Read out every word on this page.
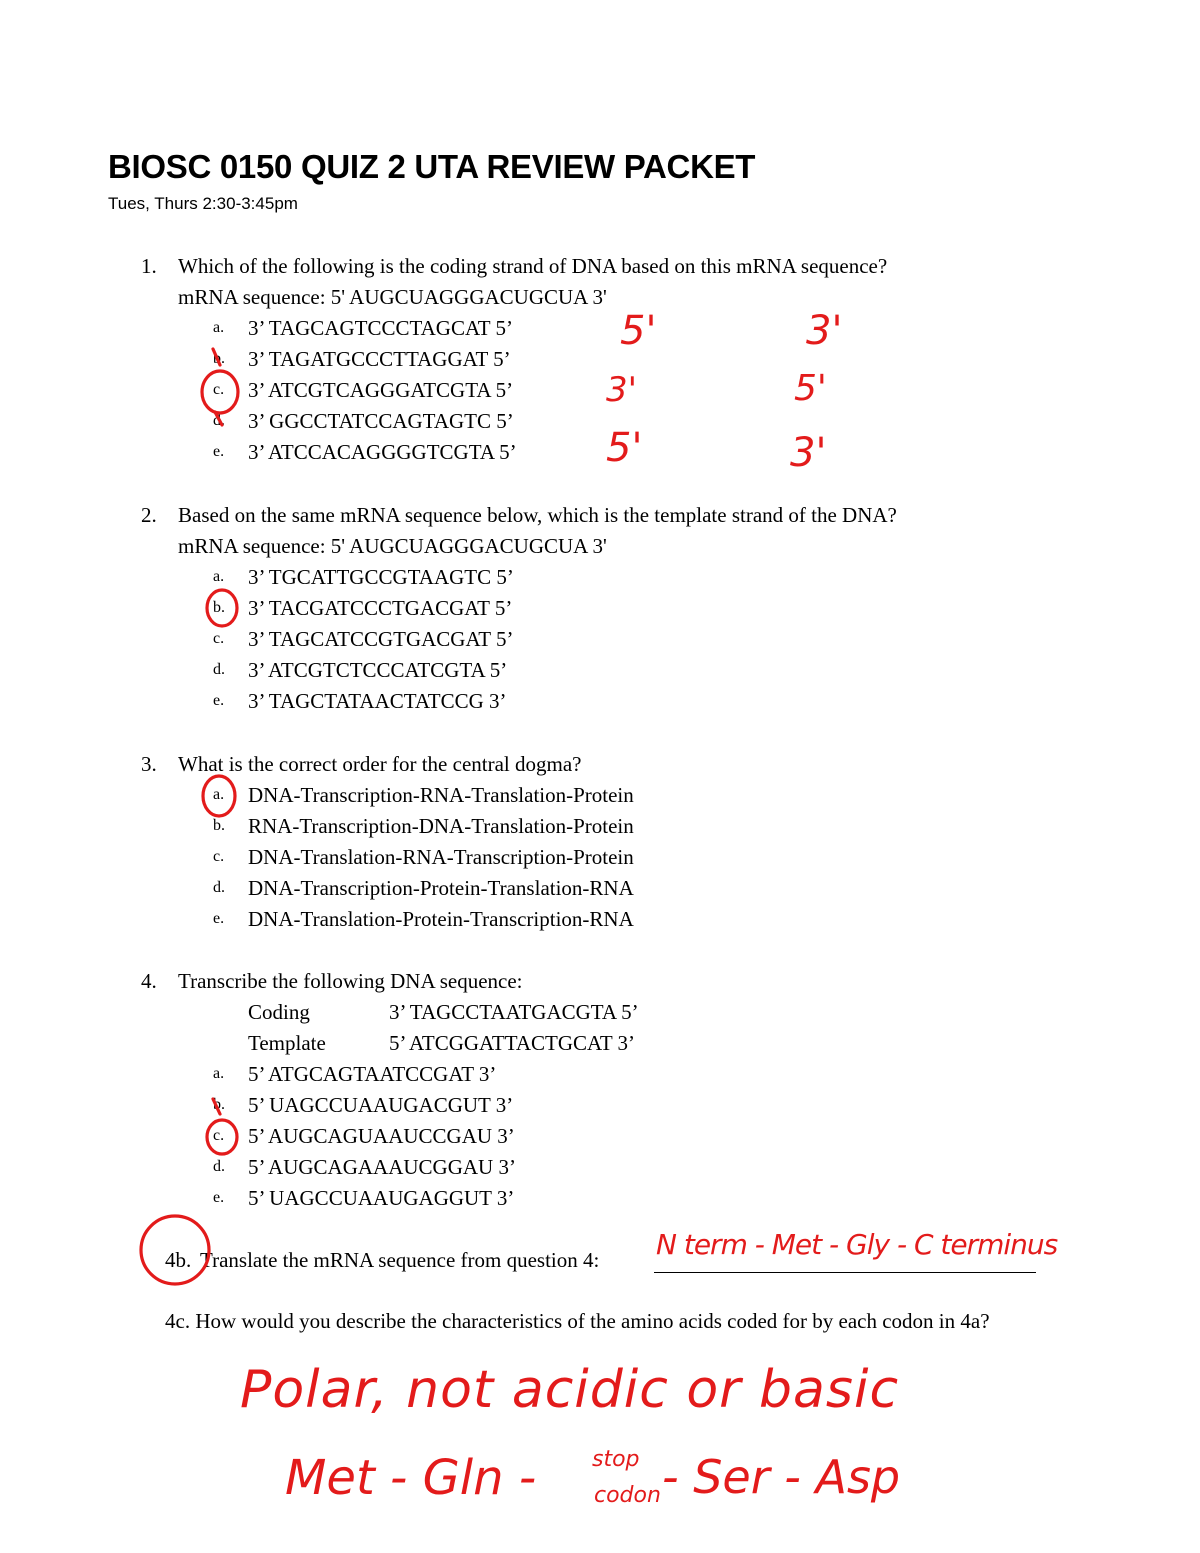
BIOSC 0150 QUIZ 2 UTA REVIEW PACKET
Tues, Thurs 2:30-3:45pm
1. Which of the following is the coding strand of DNA based on this mRNA sequence?
mRNA sequence: 5' AUGCUAGGGACUGCUA 3'
a. 3’ TAGCAGTCCCTAGCAT 5’
b. 3’ TAGATGCCCTTAGGAT 5’
c. 3’ ATCGTCAGGGATCGTA 5’
d. 3’ GGCCTATCCAGTAGTC 5’
e. 3’ ATCCACAGGGGTCGTA 5’
2. Based on the same mRNA sequence below, which is the template strand of the DNA?
mRNA sequence: 5' AUGCUAGGGACUGCUA 3'
a. 3’ TGCATTGCCGTAAGTC 5’
b. 3’ TACGATCCCTGACGAT 5’
c. 3’ TAGCATCCGTGACGAT 5’
d. 3’ ATCGTCTCCCATCGTA 5’
e. 3’ TAGCTATAACTATCCG 3’
3. What is the correct order for the central dogma?
a. DNA-Transcription-RNA-Translation-Protein
b. RNA-Transcription-DNA-Translation-Protein
c. DNA-Translation-RNA-Transcription-Protein
d. DNA-Transcription-Protein-Translation-RNA
e. DNA-Translation-Protein-Transcription-RNA
4. Transcribe the following DNA sequence:
Coding	3’ TAGCCTAATGACGTA 5’
Template	5’ ATCGGATTACTGCAT 3’
a. 5’ ATGCAGTAATCCGAT 3’
b. 5’ UAGCCUAAUGACGUT 3’
c. 5’ AUGCAGUAAUCCGAU 3’
d. 5’ AUGCAGAAAUCGGAU 3’
e. 5’ UAGCCUAAUGAGGUT 3’
4b. Translate the mRNA sequence from question 4:
4c. How would you describe the characteristics of the amino acids coded for by each codon in 4a?
5'
3'
5'
3'
5'
3'
N term - Met - Gly - C terminus
Polar, not acidic or basic
Met - Gln -	stop
codon - Ser - Asp
